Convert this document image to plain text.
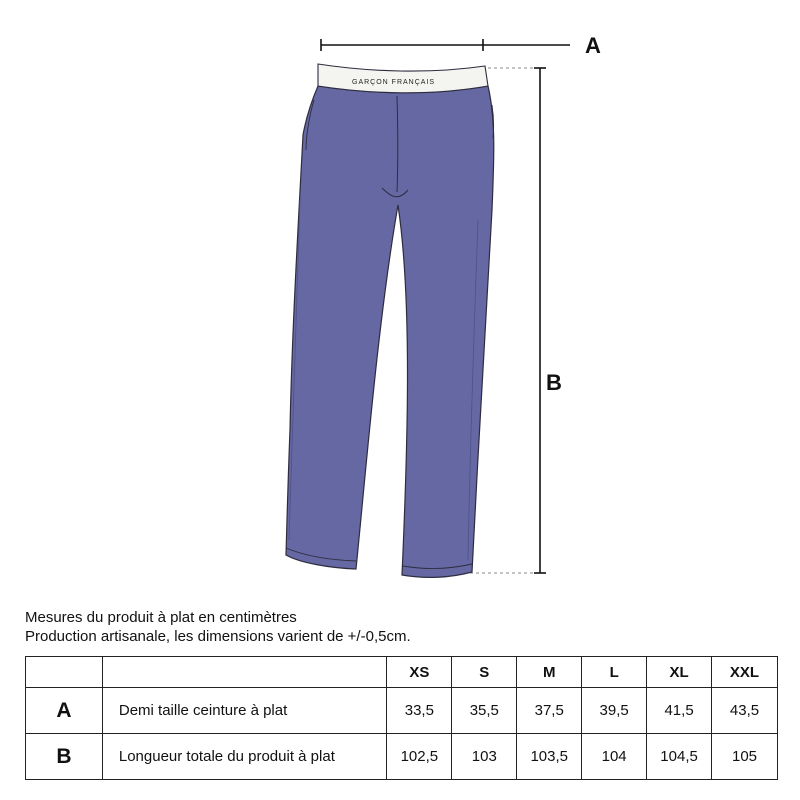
A
B
GARÇON FRANÇAIS
Mesures du produit à plat en centimètres
Production artisanale, les dimensions varient de +/-0,5cm.
		XS	S	M	L	XL	XXL
A	Demi taille ceinture à plat	33,5	35,5	37,5	39,5	41,5	43,5
B	Longueur totale du produit à plat	102,5	103	103,5	104	104,5	105
